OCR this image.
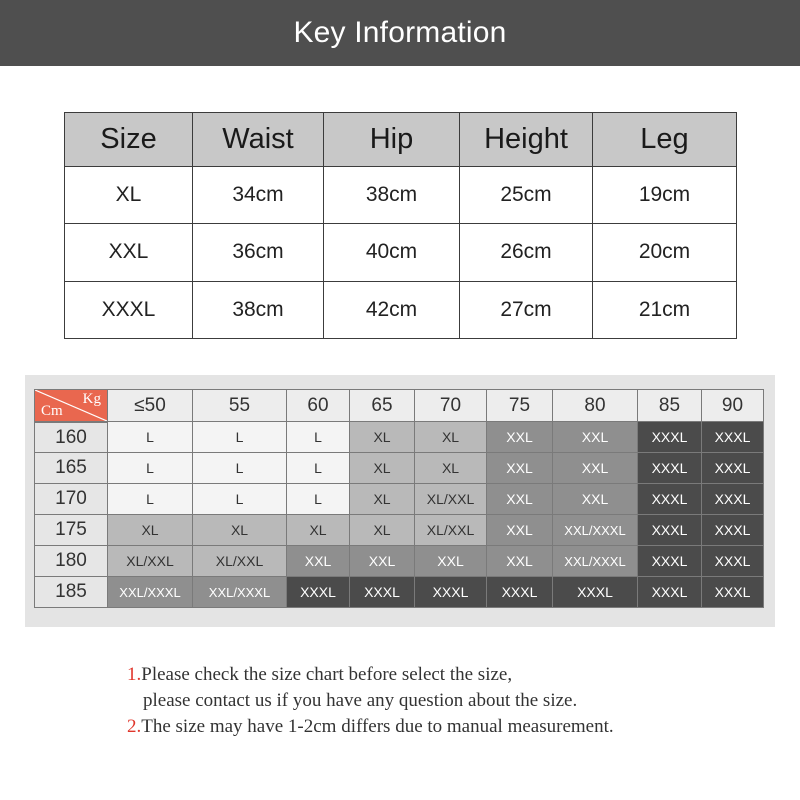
Key Information
Size	Waist	Hip	Height	Leg
XL	34cm	38cm	25cm	19cm
XXL	36cm	40cm	26cm	20cm
XXXL	38cm	42cm	27cm	21cm
Kg
Cm	≤50	55	60	65	70	75	80	85	90
160	L	L	L	XL	XL	XXL	XXL	XXXL	XXXL
165	L	L	L	XL	XL	XXL	XXL	XXXL	XXXL
170	L	L	L	XL	XL/XXL	XXL	XXL	XXXL	XXXL
175	XL	XL	XL	XL	XL/XXL	XXL	XXL/XXXL	XXXL	XXXL
180	XL/XXL	XL/XXL	XXL	XXL	XXL	XXL	XXL/XXXL	XXXL	XXXL
185	XXL/XXXL	XXL/XXXL	XXXL	XXXL	XXXL	XXXL	XXXL	XXXL	XXXL
1.Please check the size chart before select the size,
please contact us if you have any question about the size.
2.The size may have 1-2cm differs due to manual measurement.
